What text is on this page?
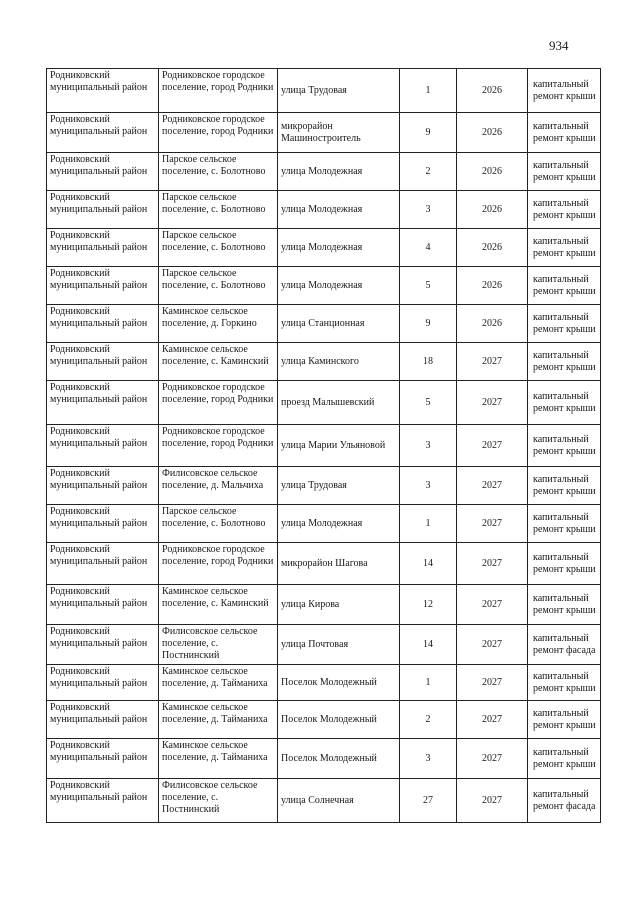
934
Родниковский муниципальный район	Родниковское городское поселение, город Родники	улица Трудовая	1	2026	капитальный ремонт крыши
Родниковский муниципальный район	Родниковское городское поселение, город Родники	микрорайон Машиностроитель	9	2026	капитальный ремонт крыши
Родниковский муниципальный район	Парское сельское поселение, с. Болотново	улица Молодежная	2	2026	капитальный ремонт крыши
Родниковский муниципальный район	Парское сельское поселение, с. Болотново	улица Молодежная	3	2026	капитальный ремонт крыши
Родниковский муниципальный район	Парское сельское поселение, с. Болотново	улица Молодежная	4	2026	капитальный ремонт крыши
Родниковский муниципальный район	Парское сельское поселение, с. Болотново	улица Молодежная	5	2026	капитальный ремонт крыши
Родниковский муниципальный район	Каминское сельское поселение, д. Горкино	улица Станционная	9	2026	капитальный ремонт крыши
Родниковский муниципальный район	Каминское сельское поселение, с. Каминский	улица Каминского	18	2027	капитальный ремонт крыши
Родниковский муниципальный район	Родниковское городское поселение, город Родники	проезд Малышевский	5	2027	капитальный ремонт крыши
Родниковский муниципальный район	Родниковское городское поселение, город Родники	улица Марии Ульяновой	3	2027	капитальный ремонт крыши
Родниковский муниципальный район	Филисовское сельское поселение, д. Мальчиха	улица Трудовая	3	2027	капитальный ремонт крыши
Родниковский муниципальный район	Парское сельское поселение, с. Болотново	улица Молодежная	1	2027	капитальный ремонт крыши
Родниковский муниципальный район	Родниковское городское поселение, город Родники	микрорайон Шагова	14	2027	капитальный ремонт крыши
Родниковский муниципальный район	Каминское сельское поселение, с. Каминский	улица Кирова	12	2027	капитальный ремонт крыши
Родниковский муниципальный район	Филисовское сельское поселение, с. Постнинский	улица Почтовая	14	2027	капитальный ремонт фасада
Родниковский муниципальный район	Каминское сельское поселение, д. Тайманиха	Поселок Молодежный	1	2027	капитальный ремонт крыши
Родниковский муниципальный район	Каминское сельское поселение, д. Тайманиха	Поселок Молодежный	2	2027	капитальный ремонт крыши
Родниковский муниципальный район	Каминское сельское поселение, д. Тайманиха	Поселок Молодежный	3	2027	капитальный ремонт крыши
Родниковский муниципальный район	Филисовское сельское поселение, с. Постнинский	улица Солнечная	27	2027	капитальный ремонт фасада
